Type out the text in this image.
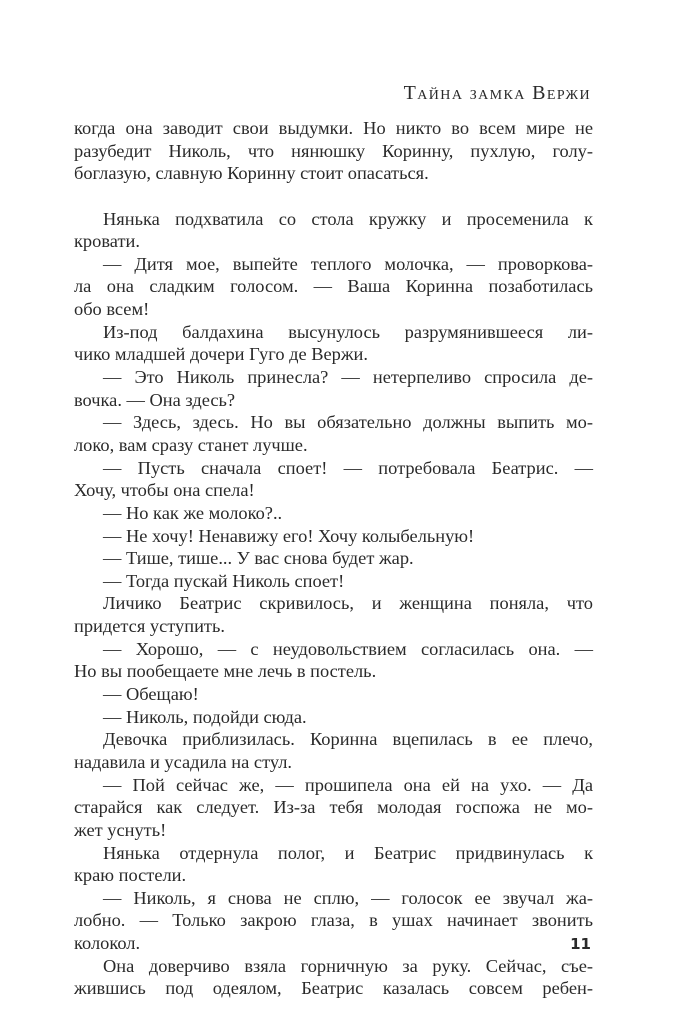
Тайна замка Вержи
когда она заводит свои выдумки. Но никто во всем мире не
разубедит Николь, что нянюшку Коринну, пухлую, голу-
боглазую, славную Коринну стоит опасаться.
Нянька подхватила со стола кружку и просеменила к
кровати.
— Дитя мое, выпейте теплого молочка, — проворкова-
ла она сладким голосом. — Ваша Коринна позаботилась
обо всем!
Из-под балдахина высунулось разрумянившееся ли-
чико младшей дочери Гуго де Вержи.
— Это Николь принесла? — нетерпеливо спросила де-
вочка. — Она здесь?
— Здесь, здесь. Но вы обязательно должны выпить мо-
локо, вам сразу станет лучше.
— Пусть сначала споет! — потребовала Беатрис. —
Хочу, чтобы она спела!
— Но как же молоко?..
— Не хочу! Ненавижу его! Хочу колыбельную!
— Тише, тише... У вас снова будет жар.
— Тогда пускай Николь споет!
Личико Беатрис скривилось, и женщина поняла, что
придется уступить.
— Хорошо, — с неудовольствием согласилась она. —
Но вы пообещаете мне лечь в постель.
— Обещаю!
— Николь, подойди сюда.
Девочка приблизилась. Коринна вцепилась в ее плечо,
надавила и усадила на стул.
— Пой сейчас же, — прошипела она ей на ухо. — Да
старайся как следует. Из-за тебя молодая госпожа не мо-
жет уснуть!
Нянька отдернула полог, и Беатрис придвинулась к
краю постели.
— Николь, я снова не сплю, — голосок ее звучал жа-
лобно. — Только закрою глаза, в ушах начинает звонить
колокол.
Она доверчиво взяла горничную за руку. Сейчас, съе-
жившись под одеялом, Беатрис казалась совсем ребен-
11
